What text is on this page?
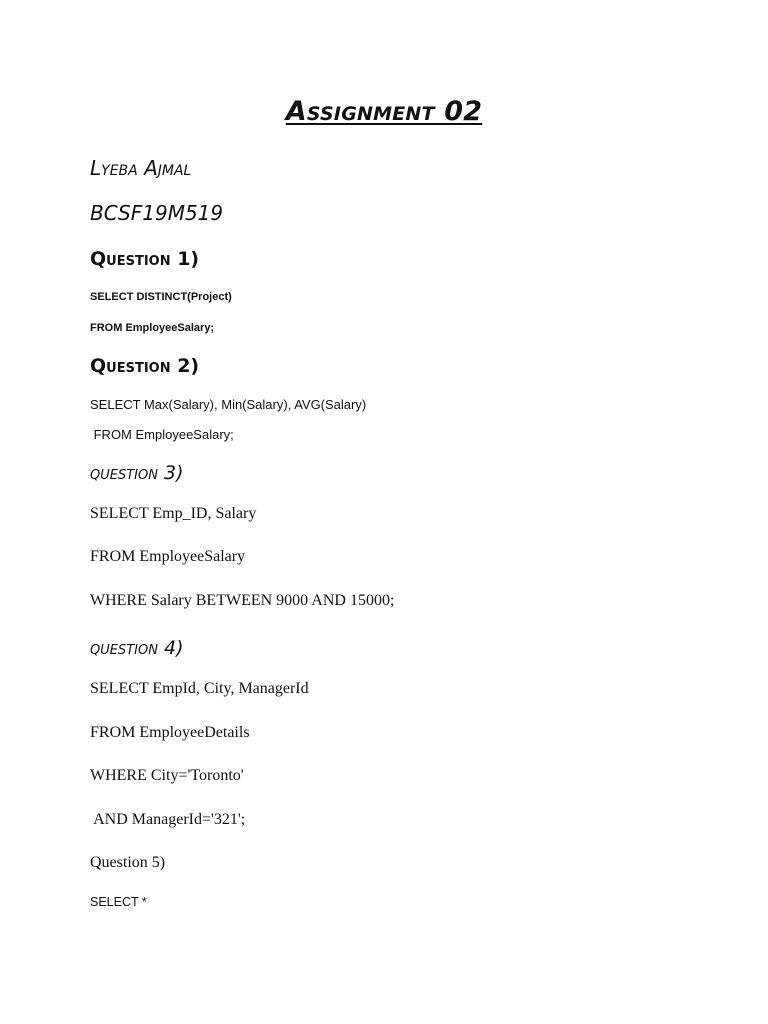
Assignment 02
Lyeba Ajmal
BCSF19M519
Question 1)
SELECT DISTINCT(Project)
FROM EmployeeSalary;
Question 2)
SELECT Max(Salary), Min(Salary), AVG(Salary)
FROM EmployeeSalary;
question 3)
SELECT Emp_ID, Salary
FROM EmployeeSalary
WHERE Salary BETWEEN 9000 AND 15000;
question 4)
SELECT EmpId, City, ManagerId
FROM EmployeeDetails
WHERE City='Toronto'
AND ManagerId='321';
Question 5)
SELECT *
